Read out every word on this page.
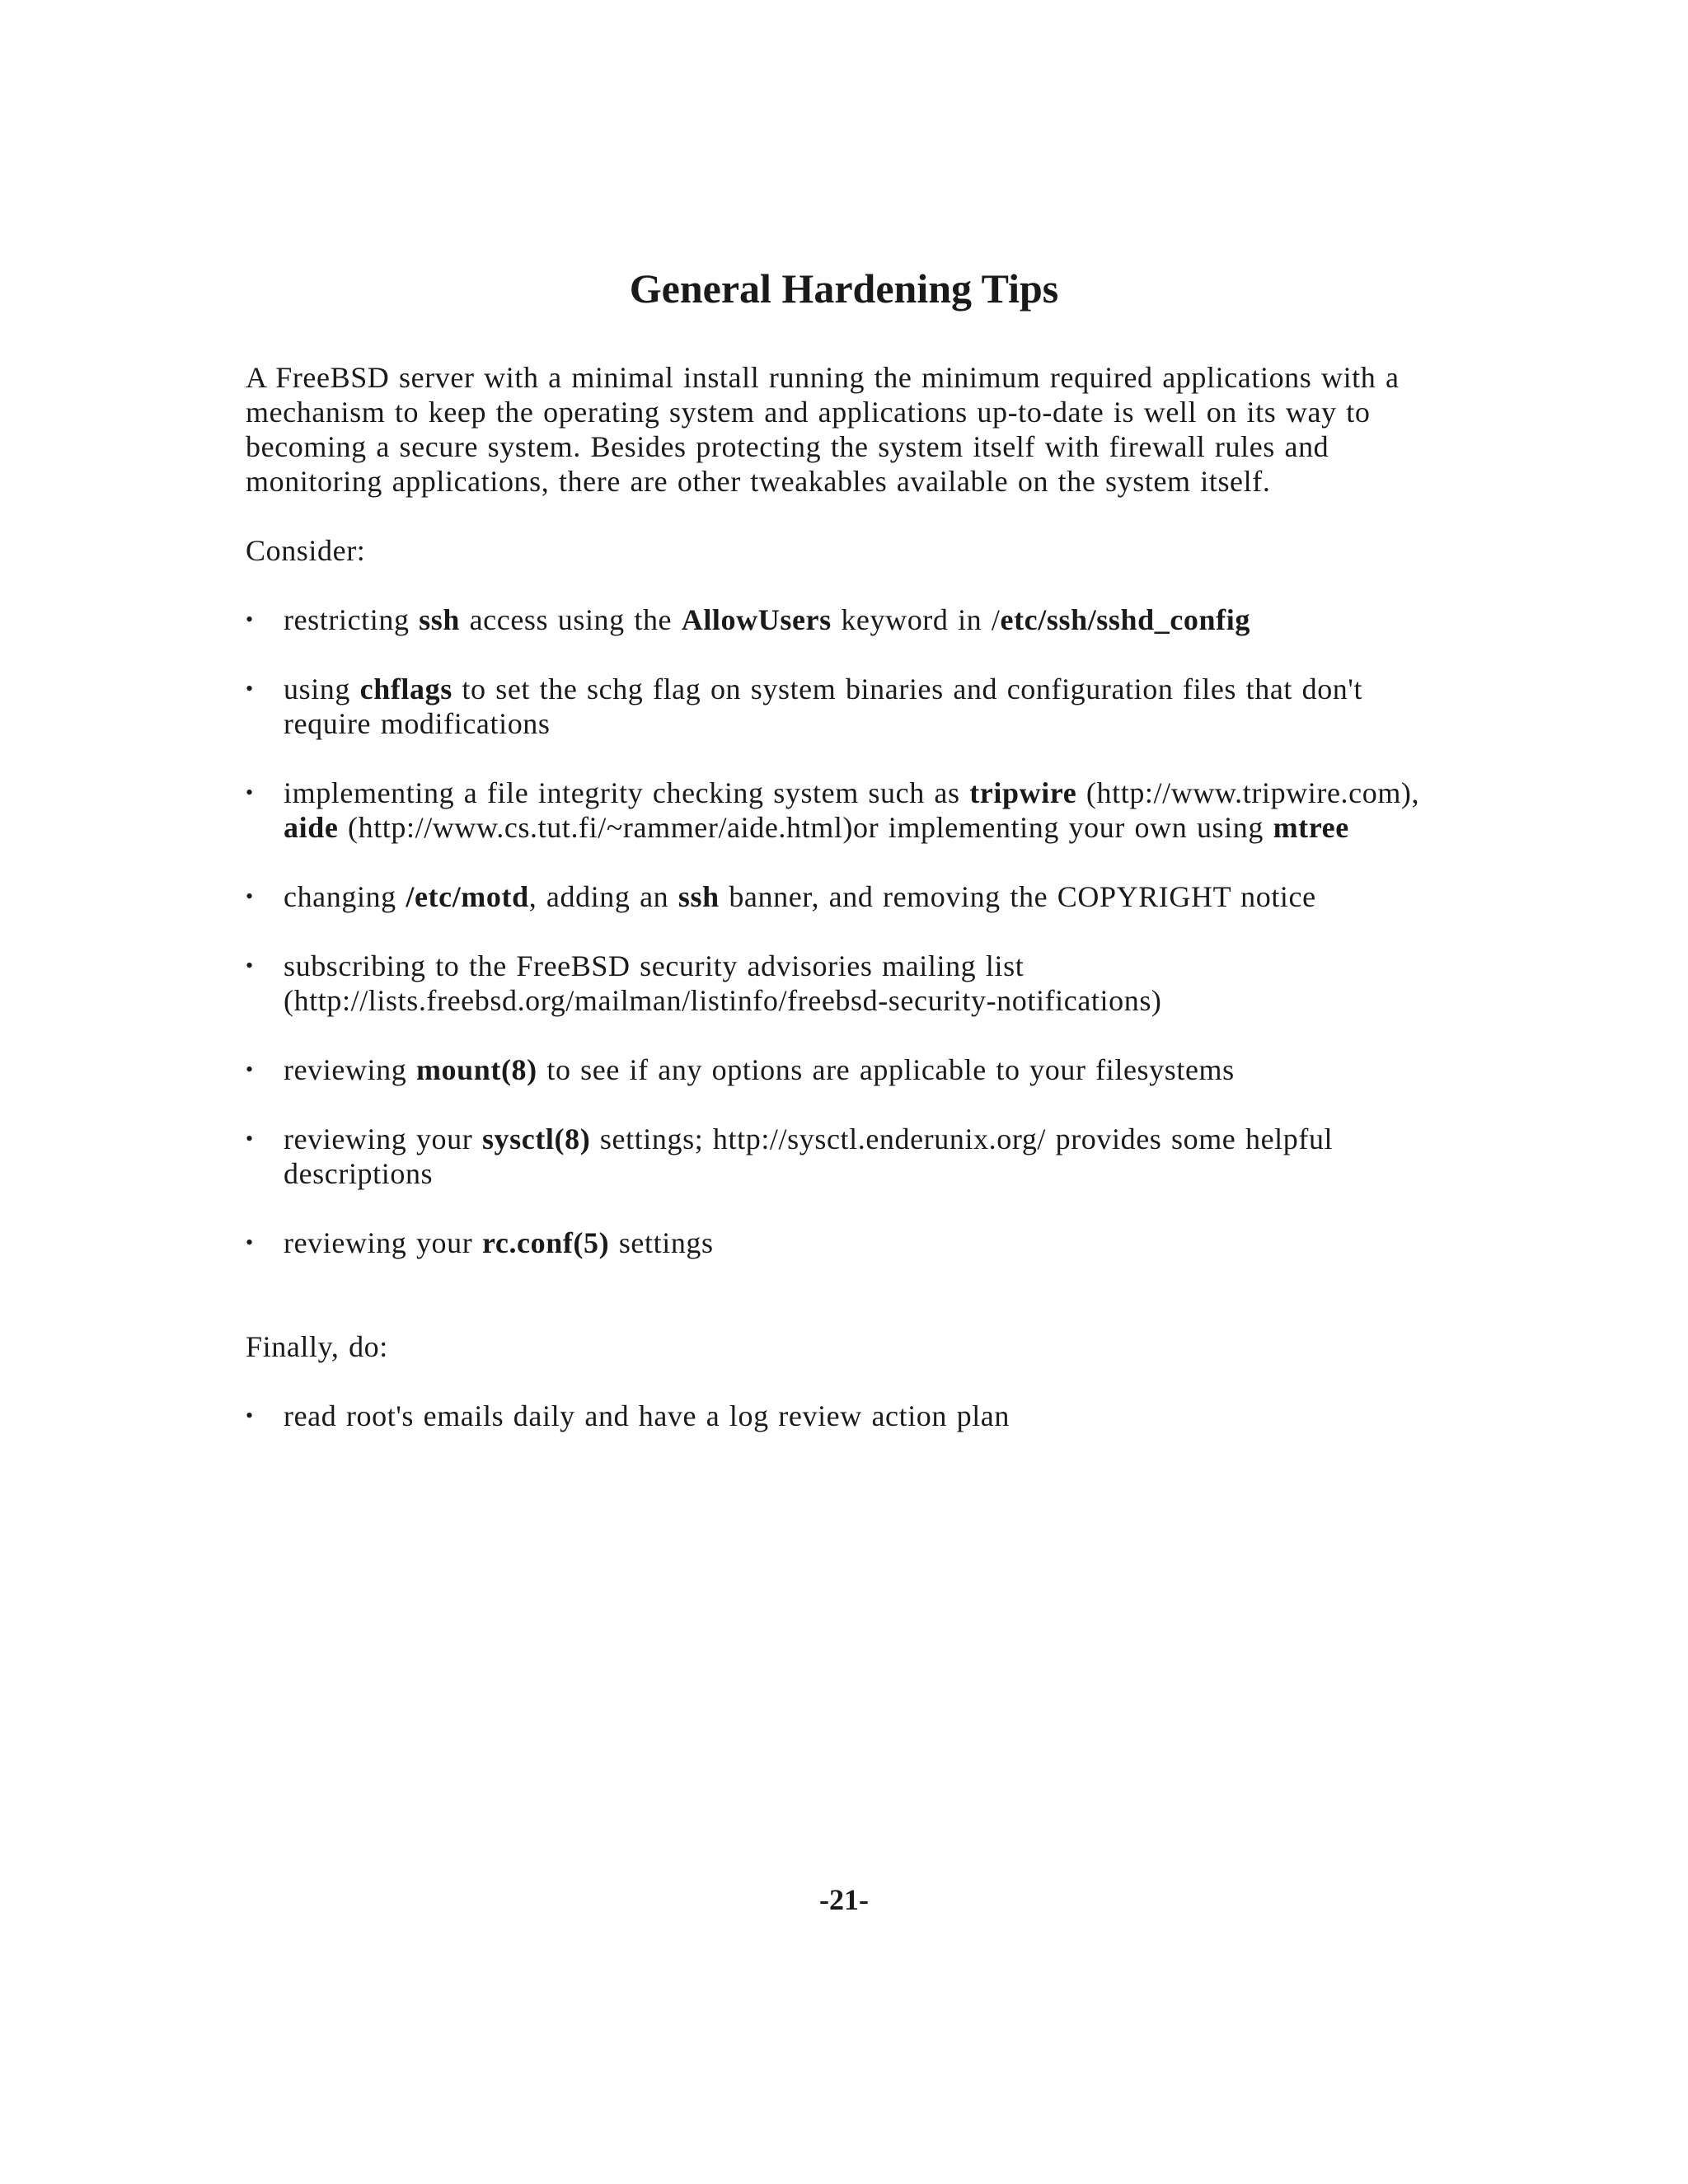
General Hardening Tips

A FreeBSD server with a minimal install running the minimum required applications with a mechanism to keep the operating system and applications up-to-date is well on its way to becoming a secure system. Besides protecting the system itself with firewall rules and monitoring applications, there are other tweakables available on the system itself.

Consider:

• restricting ssh access using the AllowUsers keyword in /etc/ssh/sshd_config
• using chflags to set the schg flag on system binaries and configuration files that don't require modifications
• implementing a file integrity checking system such as tripwire (http://www.tripwire.com), aide (http://www.cs.tut.fi/~rammer/aide.html)or implementing your own using mtree
• changing /etc/motd, adding an ssh banner, and removing the COPYRIGHT notice
• subscribing to the FreeBSD security advisories mailing list (http://lists.freebsd.org/mailman/listinfo/freebsd-security-notifications)
• reviewing mount(8) to see if any options are applicable to your filesystems
• reviewing your sysctl(8) settings; http://sysctl.enderunix.org/ provides some helpful descriptions
• reviewing your rc.conf(5) settings

Finally, do:

• read root's emails daily and have a log review action plan
-21-
